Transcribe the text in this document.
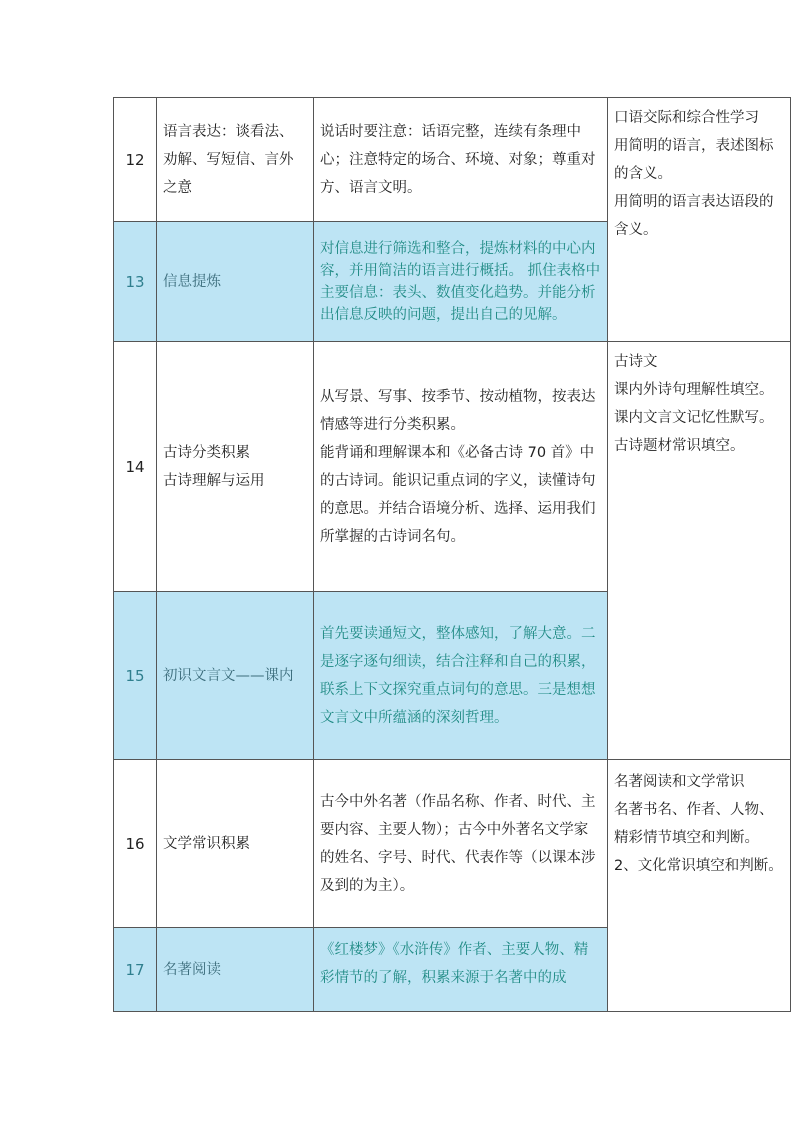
12	语言表达：谈看法、劝解、写短信、言外之意	说话时要注意：话语完整，连续有条理中心；注意特定的场合、环境、对象；尊重对方、语言文明。	口语交际和综合性学习
用简明的语言，表述图标的含义。
用简明的语言表达语段的含义。

13	信息提炼	对信息进行筛选和整合，提炼材料的中心内容，并用简洁的语言进行概括。 抓住表格中主要信息：表头、数值变化趋势。并能分析出信息反映的问题，提出自己的见解。	
14	古诗分类积累
古诗理解与运用	从写景、写事、按季节、按动植物，按表达情感等进行分类积累。
能背诵和理解课本和《必备古诗 70 首》中的古诗词。能识记重点词的字义，读懂诗句的意思。并结合语境分析、选择、运用我们所掌握的古诗词名句。	古诗文
课内外诗句理解性填空。
课内文言文记忆性默写。
古诗题材常识填空。

15	初识文言文——课内	首先要读通短文，整体感知，了解大意。二是逐字逐句细读，结合注释和自己的积累，联系上下文探究重点词句的意思。三是想想文言文中所蕴涵的深刻哲理。	
16	文学常识积累	古今中外名著（作品名称、作者、时代、主要内容、主要人物）；古今中外著名文学家的姓名、字号、时代、代表作等（以课本涉及到的为主）。	名著阅读和文学常识
名著书名、作者、人物、精彩情节填空和判断。
2、文化常识填空和判断。

17	名著阅读	《红楼梦》《水浒传》作者、主要人物、精彩情节的了解，积累来源于名著中的成	
